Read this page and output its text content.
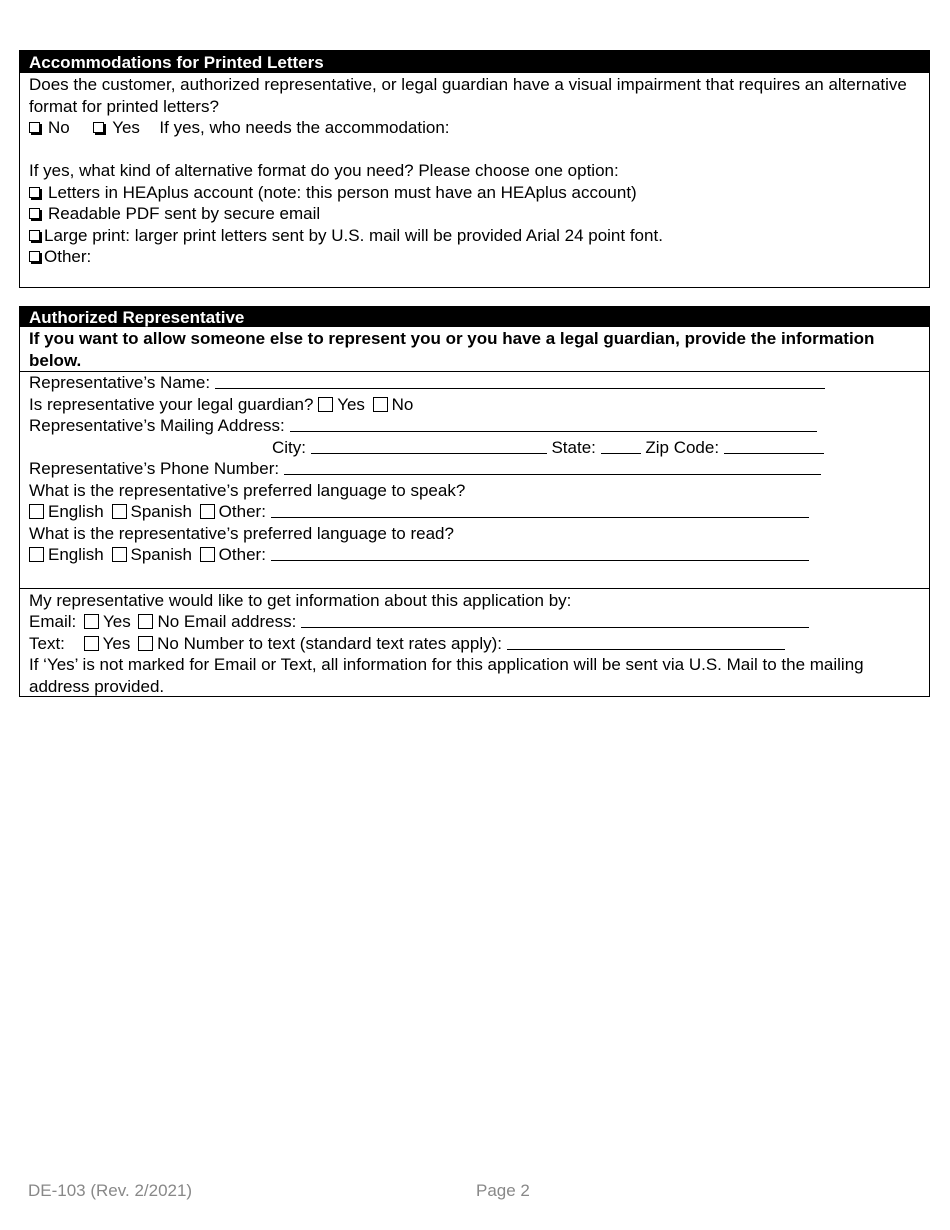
Accommodations for Printed Letters
Does the customer, authorized representative, or legal guardian have a visual impairment that requires an alternative format for printed letters?
No Yes If yes, who needs the accommodation:
If yes, what kind of alternative format do you need? Please choose one option:
Letters in HEAplus account (note: this person must have an HEAplus account)
Readable PDF sent by secure email
Large print: larger print letters sent by U.S. mail will be provided Arial 24 point font.
Other:
Authorized Representative
If you want to allow someone else to represent you or you have a legal guardian, provide the information below.
Representative’s Name:
Is representative your legal guardian? Yes No
Representative’s Mailing Address:
City:	State:	Zip Code:
Representative’s Phone Number:
What is the representative’s preferred language to speak?
English Spanish Other:
What is the representative’s preferred language to read?
English Spanish Other:
My representative would like to get information about this application by:
Email: Yes No Email address:
Text: Yes No Number to text (standard text rates apply):
If ‘Yes’ is not marked for Email or Text, all information for this application will be sent via U.S. Mail to the mailing address provided.
DE-103 (Rev. 2/2021)	Page 2
